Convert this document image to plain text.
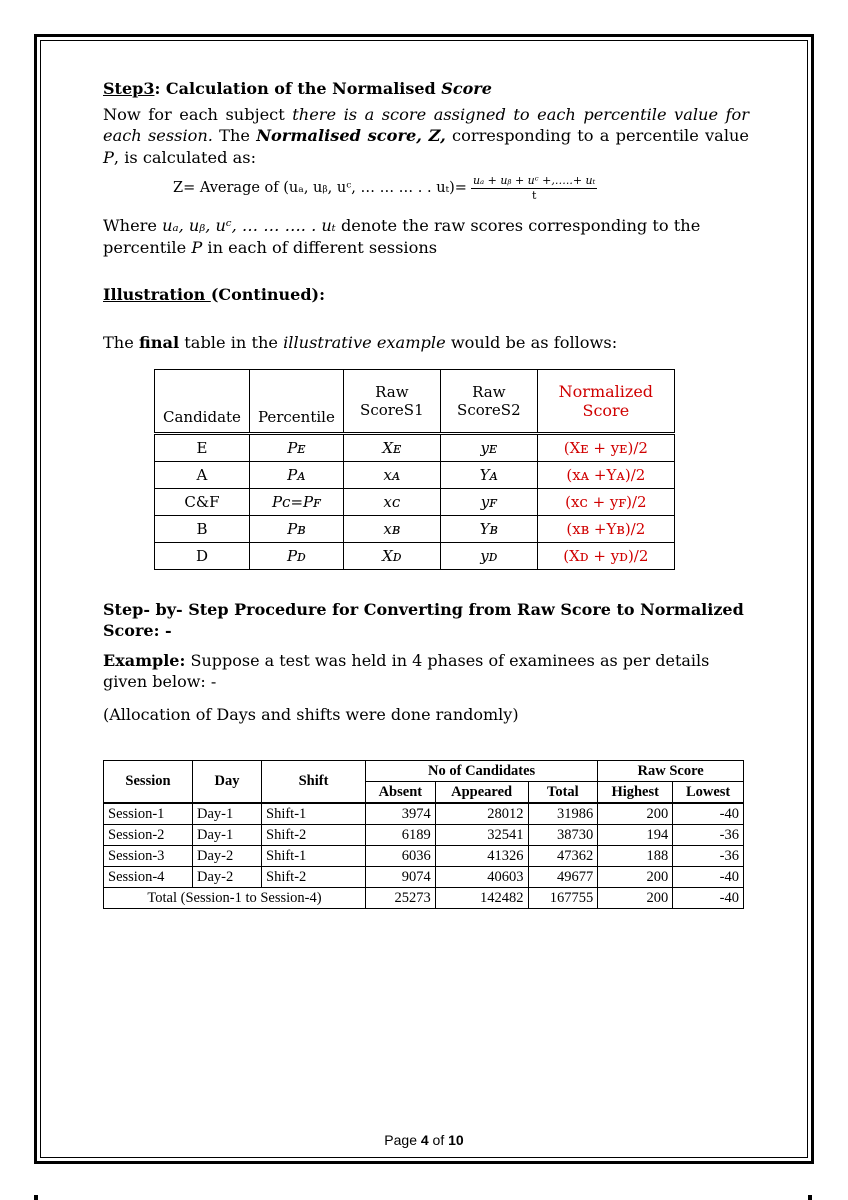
Step3: Calculation of the Normalised Score

Now for each subject there is a score assigned to each percentile value for each session. The Normalised score, Z, corresponding to a percentile value P, is calculated as:

Z= Average of (uₐ, uᵦ, uᶜ, … … … . . $u_t)= \frac{\text{uₐ + uᵦ + uᶜ +,…..+ uₜ}}{t}$

Where uₐ, uᵦ, uᶜ, … … …. . uₜ denote the raw scores corresponding to the percentile P in each of different sessions

Illustration (Continued):

The final table in the illustrative example would be as follows:

Candidate	Percentile	Raw ScoreS1	Raw ScoreS2	Normalized Score
E	Pᴇ	Xᴇ	yᴇ	(Xᴇ + yᴇ)/2
A	Pᴀ	xᴀ	Yᴀ	(xᴀ +Yᴀ)/2
C&F	Pᴄ=Pꜰ	xᴄ	yꜰ	(xᴄ + yꜰ)/2
B	Pʙ	xʙ	Yʙ	(xʙ +Yʙ)/2
D	Pᴅ	Xᴅ	yᴅ	(Xᴅ + yᴅ)/2
Step- by- Step Procedure for Converting from Raw Score to Normalized Score: -

Example: Suppose a test was held in 4 phases of examinees as per details given below: -

(Allocation of Days and shifts were done randomly)

Session	Day	Shift	No of Candidates			Raw Score	
			Absent	Appeared	Total	Highest	Lowest
Session-1	Day-1	Shift-1	3974	28012	31986	200	-40
Session-2	Day-1	Shift-2	6189	32541	38730	194	-36
Session-3	Day-2	Shift-1	6036	41326	47362	188	-36
Session-4	Day-2	Shift-2	9074	40603	49677	200	-40
Total (Session-1 to Session-4)			25273	142482	167755	200	-40
Page 4 of 10
